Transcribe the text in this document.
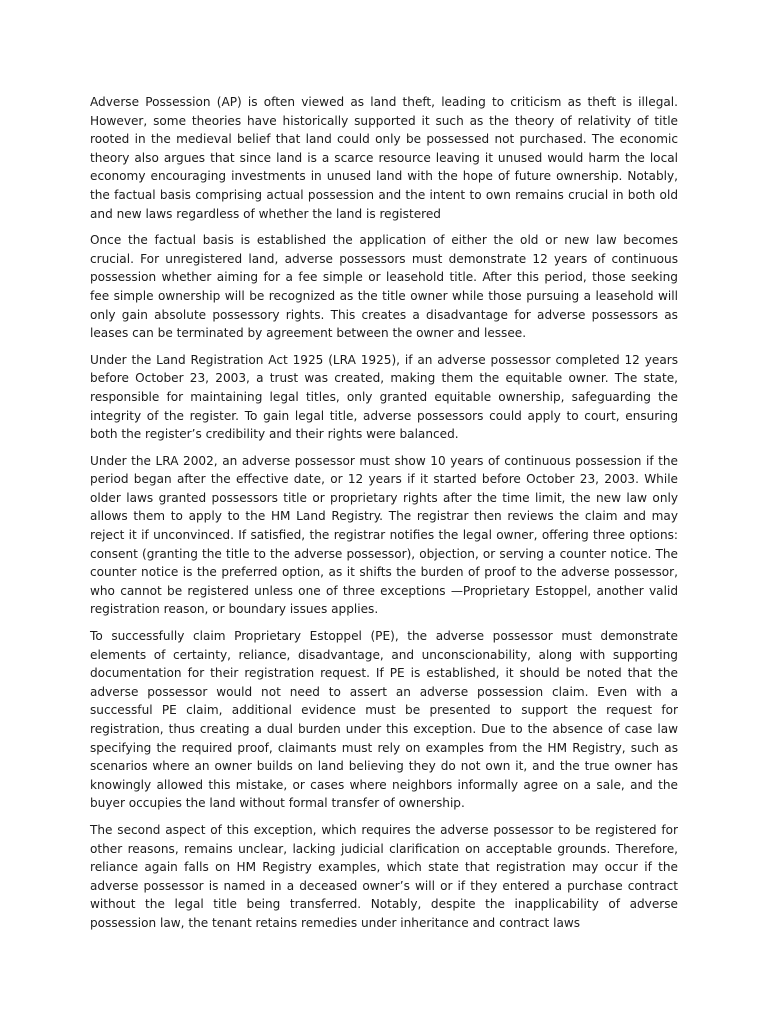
Adverse Possession (AP) is often viewed as land theft, leading to criticism as theft is illegal. However, some theories have historically supported it such as the theory of relativity of title rooted in the medieval belief that land could only be possessed not purchased. The economic theory also argues that since land is a scarce resource leaving it unused would harm the local economy encouraging investments in unused land with the hope of future ownership. Notably, the factual basis comprising actual possession and the intent to own remains crucial in both old and new laws regardless of whether the land is registered

Once the factual basis is established the application of either the old or new law becomes crucial. For unregistered land, adverse possessors must demonstrate 12 years of continuous possession whether aiming for a fee simple or leasehold title. After this period, those seeking fee simple ownership will be recognized as the title owner while those pursuing a leasehold will only gain absolute possessory rights. This creates a disadvantage for adverse possessors as leases can be terminated by agreement between the owner and lessee.

Under the Land Registration Act 1925 (LRA 1925), if an adverse possessor completed 12 years before October 23, 2003, a trust was created, making them the equitable owner. The state, responsible for maintaining legal titles, only granted equitable ownership, safeguarding the integrity of the register. To gain legal title, adverse possessors could apply to court, ensuring both the register’s credibility and their rights were balanced.

Under the LRA 2002, an adverse possessor must show 10 years of continuous possession if the period began after the effective date, or 12 years if it started before October 23, 2003. While older laws granted possessors title or proprietary rights after the time limit, the new law only allows them to apply to the HM Land Registry. The registrar then reviews the claim and may reject it if unconvinced. If satisfied, the registrar notifies the legal owner, offering three options: consent (granting the title to the adverse possessor), objection, or serving a counter notice. The counter notice is the preferred option, as it shifts the burden of proof to the adverse possessor, who cannot be registered unless one of three exceptions —Proprietary Estoppel, another valid registration reason, or boundary issues applies.

To successfully claim Proprietary Estoppel (PE), the adverse possessor must demonstrate elements of certainty, reliance, disadvantage, and unconscionability, along with supporting documentation for their registration request. If PE is established, it should be noted that the adverse possessor would not need to assert an adverse possession claim. Even with a successful PE claim, additional evidence must be presented to support the request for registration, thus creating a dual burden under this exception. Due to the absence of case law specifying the required proof, claimants must rely on examples from the HM Registry, such as scenarios where an owner builds on land believing they do not own it, and the true owner has knowingly allowed this mistake, or cases where neighbors informally agree on a sale, and the buyer occupies the land without formal transfer of ownership.

The second aspect of this exception, which requires the adverse possessor to be registered for other reasons, remains unclear, lacking judicial clarification on acceptable grounds. Therefore, reliance again falls on HM Registry examples, which state that registration may occur if the adverse possessor is named in a deceased owner’s will or if they entered a purchase contract without the legal title being transferred. Notably, despite the inapplicability of adverse possession law, the tenant retains remedies under inheritance and contract laws
